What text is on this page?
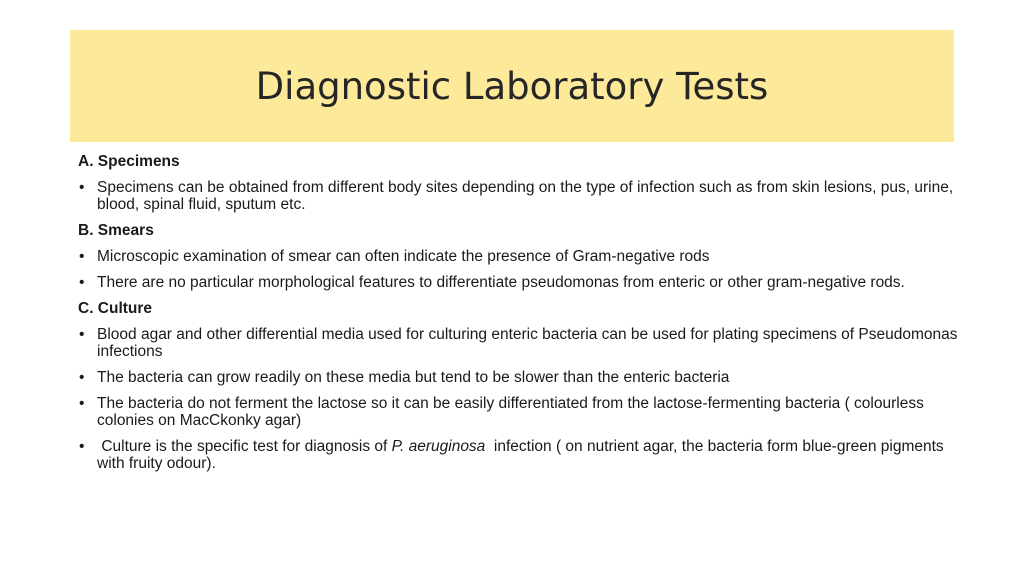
Diagnostic Laboratory Tests

A. Specimens

• Specimens can be obtained from different body sites depending on the type of infection such as from skin lesions, pus, urine, blood, spinal fluid, sputum etc.

B. Smears

• Microscopic examination of smear can often indicate the presence of Gram-negative rods

• There are no particular morphological features to differentiate pseudomonas from enteric or other gram-negative rods.

C. Culture

• Blood agar and other differential media used for culturing enteric bacteria can be used for plating specimens of Pseudomonas infections

• The bacteria can grow readily on these media but tend to be slower than the enteric bacteria

• The bacteria do not ferment the lactose so it can be easily differentiated from the lactose-fermenting bacteria ( colourless colonies on MacCkonky agar)

• Culture is the specific test for diagnosis of P. aeruginosa  infection ( on nutrient agar, the bacteria form blue-green pigments with fruity odour).
